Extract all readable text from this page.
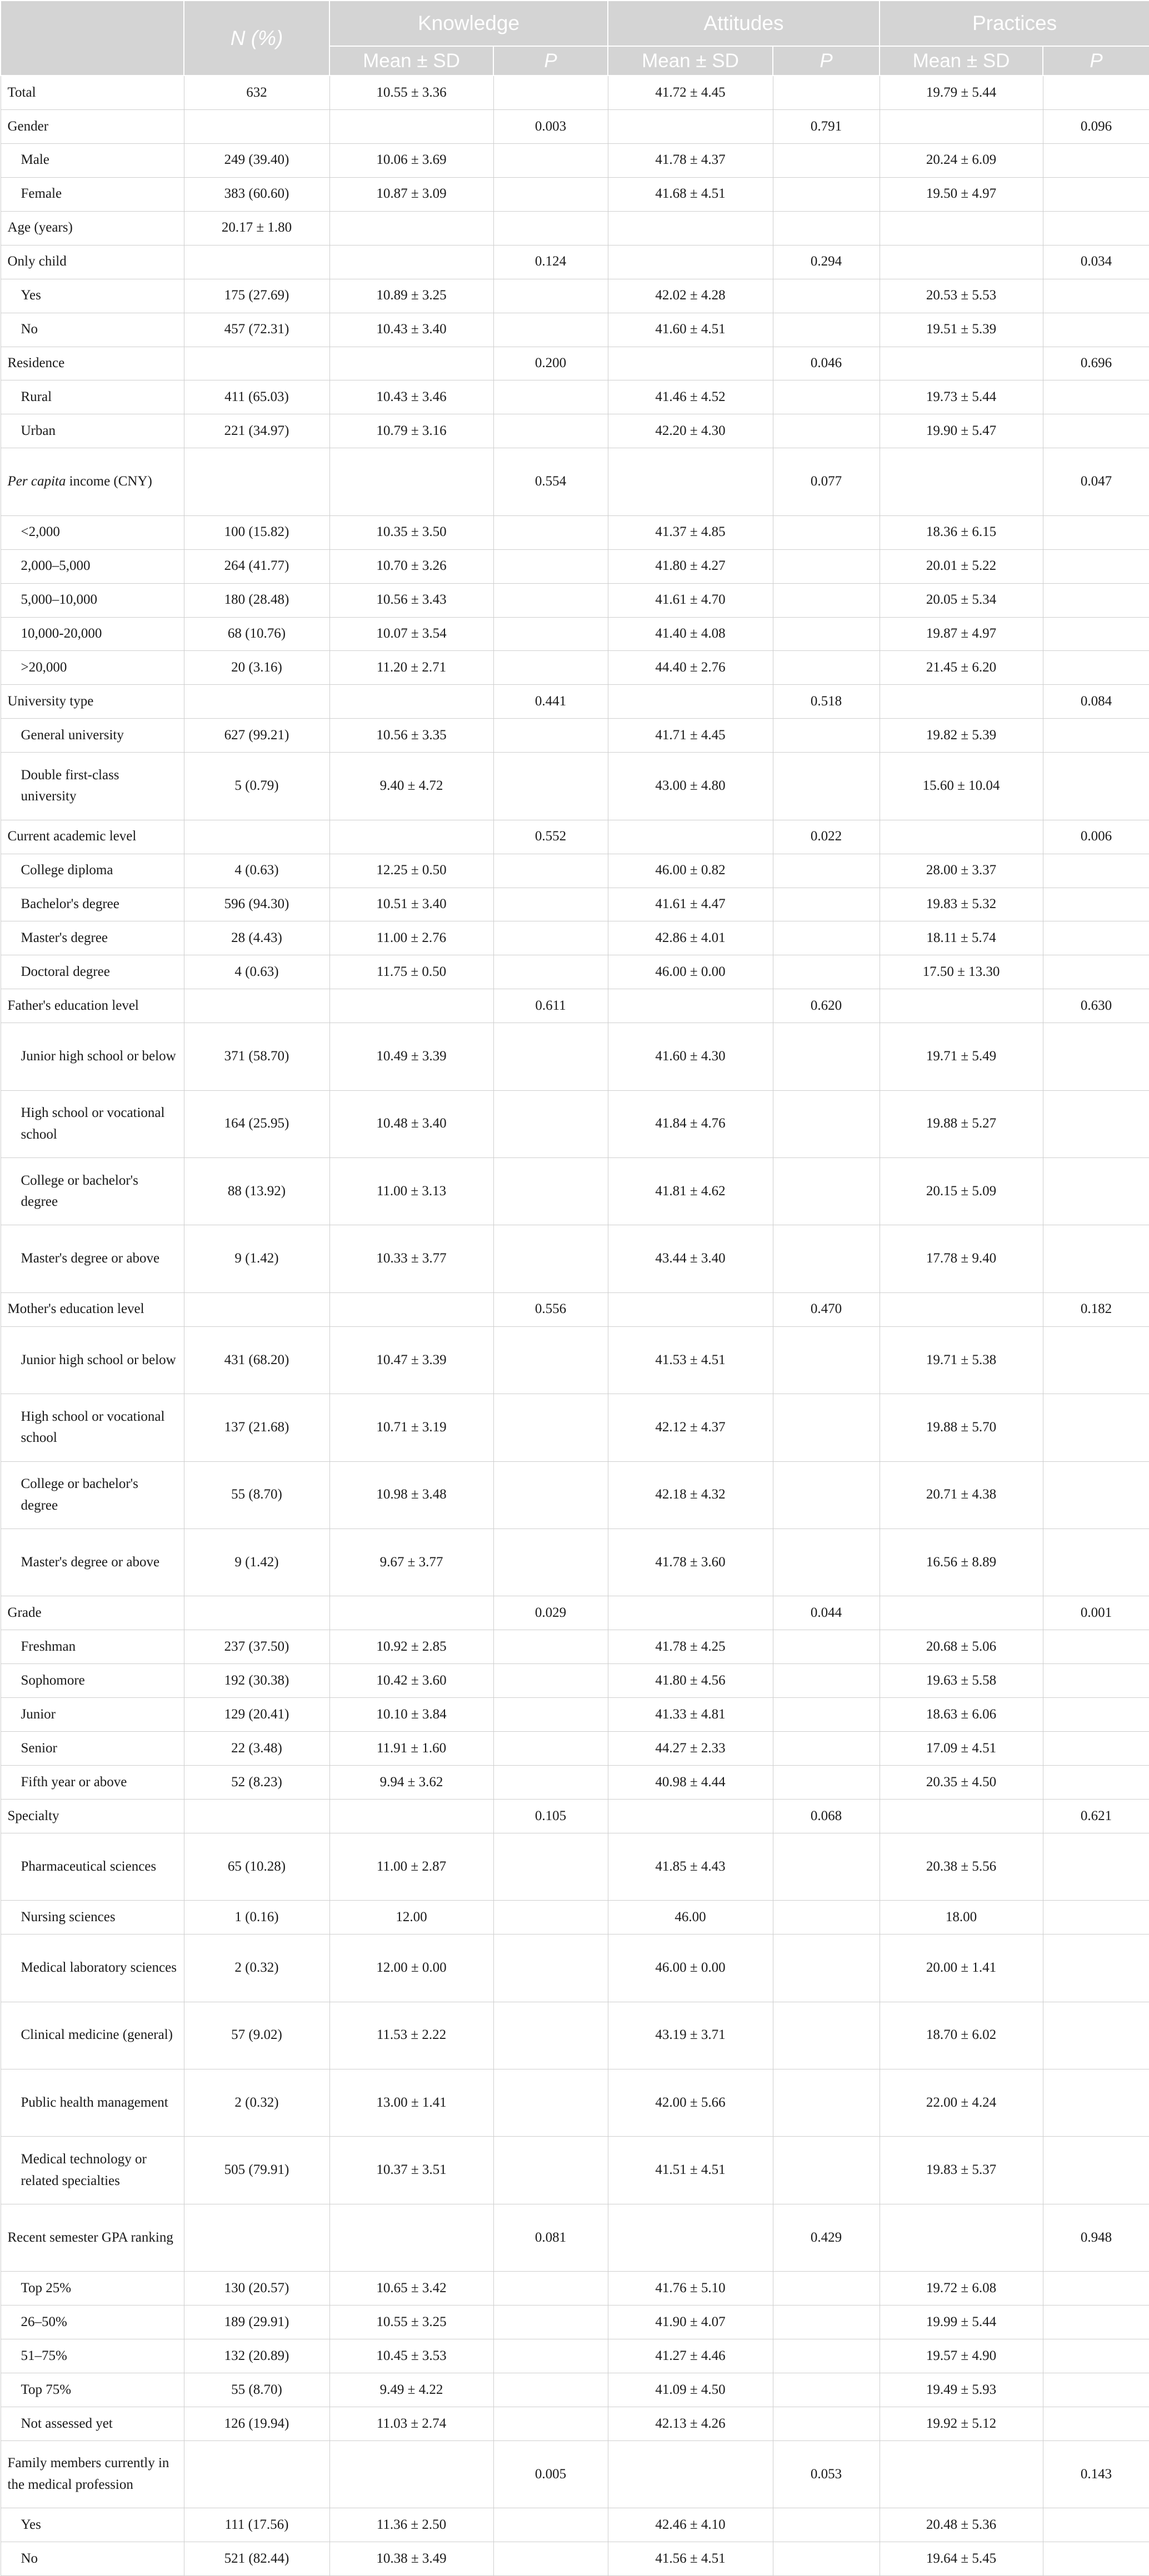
	N (%)	Knowledge		Attitudes		Practices	
		Mean ± SD	P	Mean ± SD	P	Mean ± SD	P
Total	632	10.55 ± 3.36		41.72 ± 4.45		19.79 ± 5.44	
Gender			0.003		0.791		0.096
Male	249 (39.40)	10.06 ± 3.69		41.78 ± 4.37		20.24 ± 6.09	
Female	383 (60.60)	10.87 ± 3.09		41.68 ± 4.51		19.50 ± 4.97	
Age (years)	20.17 ± 1.80						
Only child			0.124		0.294		0.034
Yes	175 (27.69)	10.89 ± 3.25		42.02 ± 4.28		20.53 ± 5.53	
No	457 (72.31)	10.43 ± 3.40		41.60 ± 4.51		19.51 ± 5.39	
Residence			0.200		0.046		0.696
Rural	411 (65.03)	10.43 ± 3.46		41.46 ± 4.52		19.73 ± 5.44	
Urban	221 (34.97)	10.79 ± 3.16		42.20 ± 4.30		19.90 ± 5.47	
Per capita income (CNY)			0.554		0.077		0.047
<2,000	100 (15.82)	10.35 ± 3.50		41.37 ± 4.85		18.36 ± 6.15	
2,000–5,000	264 (41.77)	10.70 ± 3.26		41.80 ± 4.27		20.01 ± 5.22	
5,000–10,000	180 (28.48)	10.56 ± 3.43		41.61 ± 4.70		20.05 ± 5.34	
10,000-20,000	68 (10.76)	10.07 ± 3.54		41.40 ± 4.08		19.87 ± 4.97	
>20,000	20 (3.16)	11.20 ± 2.71		44.40 ± 2.76		21.45 ± 6.20	
University type			0.441		0.518		0.084
General university	627 (99.21)	10.56 ± 3.35		41.71 ± 4.45		19.82 ± 5.39	
Double first-class university	5 (0.79)	9.40 ± 4.72		43.00 ± 4.80		15.60 ± 10.04	
Current academic level			0.552		0.022		0.006
College diploma	4 (0.63)	12.25 ± 0.50		46.00 ± 0.82		28.00 ± 3.37	
Bachelor's degree	596 (94.30)	10.51 ± 3.40		41.61 ± 4.47		19.83 ± 5.32	
Master's degree	28 (4.43)	11.00 ± 2.76		42.86 ± 4.01		18.11 ± 5.74	
Doctoral degree	4 (0.63)	11.75 ± 0.50		46.00 ± 0.00		17.50 ± 13.30	
Father's education level			0.611		0.620		0.630
Junior high school or below	371 (58.70)	10.49 ± 3.39		41.60 ± 4.30		19.71 ± 5.49	
High school or vocational school	164 (25.95)	10.48 ± 3.40		41.84 ± 4.76		19.88 ± 5.27	
College or bachelor's degree	88 (13.92)	11.00 ± 3.13		41.81 ± 4.62		20.15 ± 5.09	
Master's degree or above	9 (1.42)	10.33 ± 3.77		43.44 ± 3.40		17.78 ± 9.40	
Mother's education level			0.556		0.470		0.182
Junior high school or below	431 (68.20)	10.47 ± 3.39		41.53 ± 4.51		19.71 ± 5.38	
High school or vocational school	137 (21.68)	10.71 ± 3.19		42.12 ± 4.37		19.88 ± 5.70	
College or bachelor's degree	55 (8.70)	10.98 ± 3.48		42.18 ± 4.32		20.71 ± 4.38	
Master's degree or above	9 (1.42)	9.67 ± 3.77		41.78 ± 3.60		16.56 ± 8.89	
Grade			0.029		0.044		0.001
Freshman	237 (37.50)	10.92 ± 2.85		41.78 ± 4.25		20.68 ± 5.06	
Sophomore	192 (30.38)	10.42 ± 3.60		41.80 ± 4.56		19.63 ± 5.58	
Junior	129 (20.41)	10.10 ± 3.84		41.33 ± 4.81		18.63 ± 6.06	
Senior	22 (3.48)	11.91 ± 1.60		44.27 ± 2.33		17.09 ± 4.51	
Fifth year or above	52 (8.23)	9.94 ± 3.62		40.98 ± 4.44		20.35 ± 4.50	
Specialty			0.105		0.068		0.621
Pharmaceutical sciences	65 (10.28)	11.00 ± 2.87		41.85 ± 4.43		20.38 ± 5.56	
Nursing sciences	1 (0.16)	12.00		46.00		18.00	
Medical laboratory sciences	2 (0.32)	12.00 ± 0.00		46.00 ± 0.00		20.00 ± 1.41	
Clinical medicine (general)	57 (9.02)	11.53 ± 2.22		43.19 ± 3.71		18.70 ± 6.02	
Public health management	2 (0.32)	13.00 ± 1.41		42.00 ± 5.66		22.00 ± 4.24	
Medical technology or related specialties	505 (79.91)	10.37 ± 3.51		41.51 ± 4.51		19.83 ± 5.37	
Recent semester GPA ranking			0.081		0.429		0.948
Top 25%	130 (20.57)	10.65 ± 3.42		41.76 ± 5.10		19.72 ± 6.08	
26–50%	189 (29.91)	10.55 ± 3.25		41.90 ± 4.07		19.99 ± 5.44	
51–75%	132 (20.89)	10.45 ± 3.53		41.27 ± 4.46		19.57 ± 4.90	
Top 75%	55 (8.70)	9.49 ± 4.22		41.09 ± 4.50		19.49 ± 5.93	
Not assessed yet	126 (19.94)	11.03 ± 2.74		42.13 ± 4.26		19.92 ± 5.12	
Family members currently in the medical profession			0.005		0.053		0.143
Yes	111 (17.56)	11.36 ± 2.50		42.46 ± 4.10		20.48 ± 5.36	
No	521 (82.44)	10.38 ± 3.49		41.56 ± 4.51		19.64 ± 5.45	
